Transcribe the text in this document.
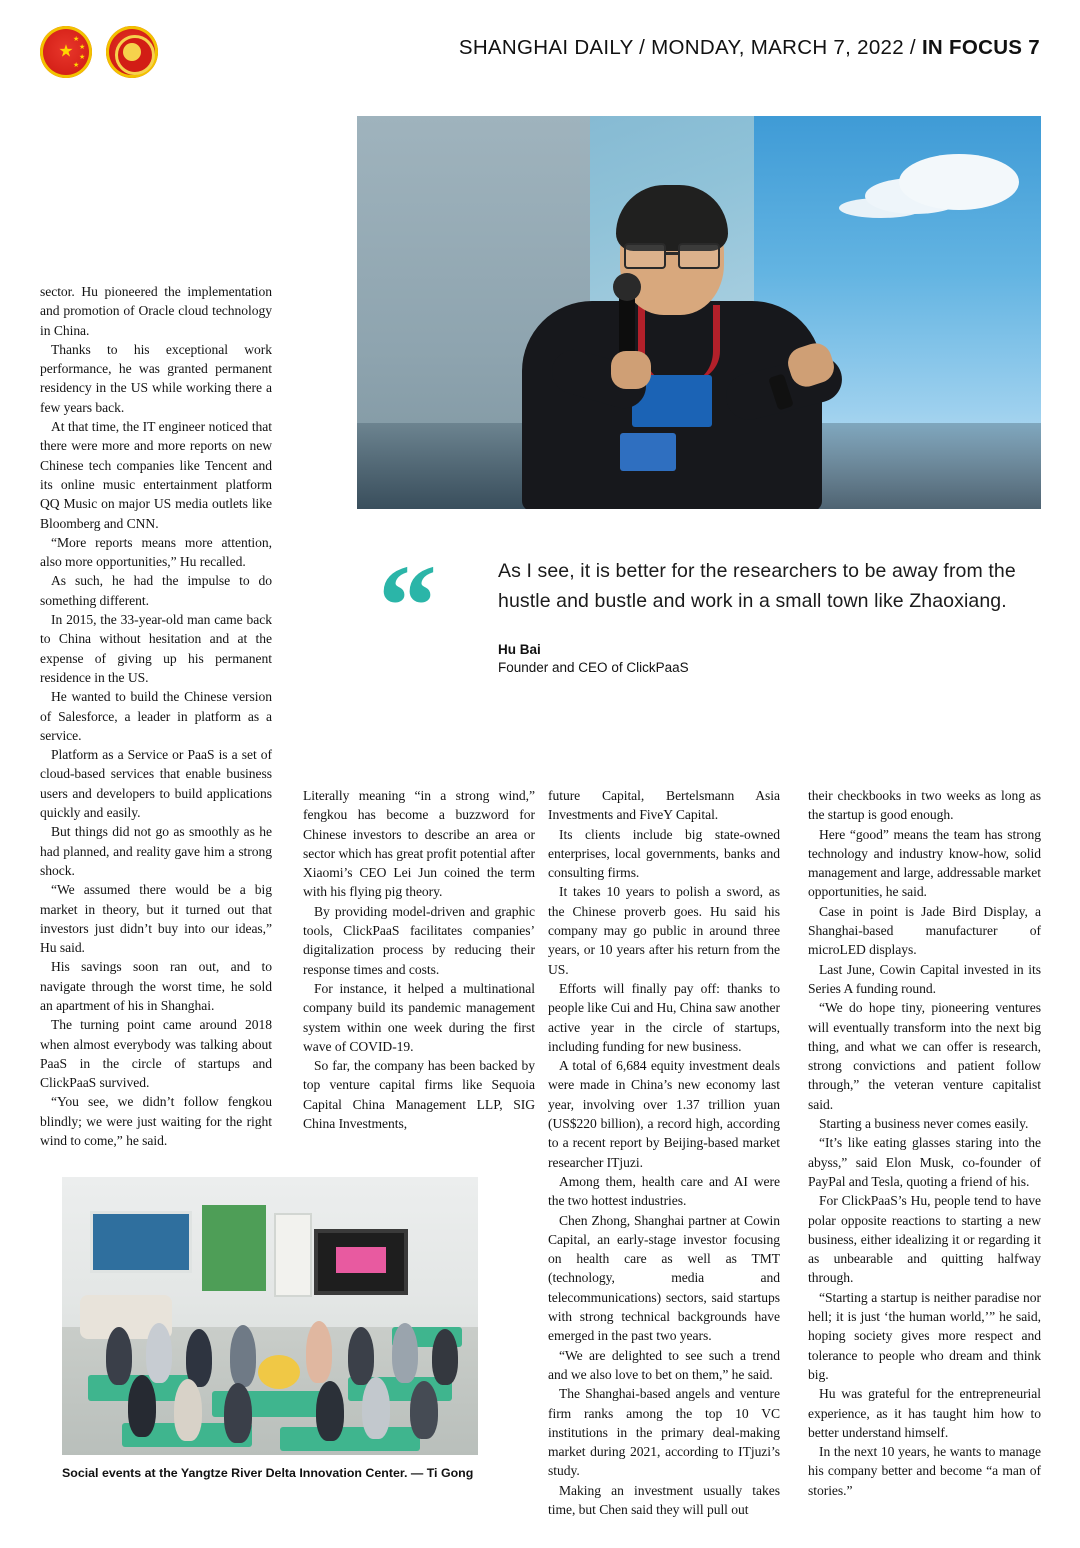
★
★
★
★
★
SHANGHAI DAILY / MONDAY, MARCH 7, 2022 / IN FOCUS 7
“	As I see, it is better for the researchers to be away from the hustle and bustle and work in a small town like Zhaoxiang.
Hu Bai
Founder and CEO of ClickPaaS

sector. Hu pioneered the implementation and promotion of Oracle cloud technology in China.

Thanks to his exceptional work performance, he was granted permanent residency in the US while working there a few years back.

At that time, the IT engineer noticed that there were more and more reports on new Chinese tech companies like Tencent and its online music entertainment platform QQ Music on major US media outlets like Bloomberg and CNN.

“More reports means more attention, also more opportunities,” Hu recalled.

As such, he had the impulse to do something different.

In 2015, the 33-year-old man came back to China without hesitation and at the expense of giving up his permanent residence in the US.

He wanted to build the Chinese version of Salesforce, a leader in platform as a service.

Platform as a Service or PaaS is a set of cloud-based services that enable business users and developers to build applications quickly and easily.

But things did not go as smoothly as he had planned, and reality gave him a strong shock.

“We assumed there would be a big market in theory, but it turned out that investors just didn’t buy into our ideas,” Hu said.

His savings soon ran out, and to navigate through the worst time, he sold an apartment of his in Shanghai.

The turning point came around 2018 when almost everybody was talking about PaaS in the circle of startups and ClickPaaS survived.

“You see, we didn’t follow fengkou blindly; we were just waiting for the right wind to come,” he said.

Literally meaning “in a strong wind,” fengkou has become a buzzword for Chinese investors to describe an area or sector which has great profit potential after Xiaomi’s CEO Lei Jun coined the term with his flying pig theory.

By providing model-driven and graphic tools, ClickPaaS facilitates companies’ digitalization process by reducing their response times and costs.

For instance, it helped a multinational company build its pandemic management system within one week during the first wave of COVID-19.

So far, the company has been backed by top venture capital firms like Sequoia Capital China Management LLP, SIG China Investments,

future Capital, Bertelsmann Asia Investments and FiveY Capital.

Its clients include big state-owned enterprises, local governments, banks and consulting firms.

It takes 10 years to polish a sword, as the Chinese proverb goes. Hu said his company may go public in around three years, or 10 years after his return from the US.

Efforts will finally pay off: thanks to people like Cui and Hu, China saw another active year in the circle of startups, including funding for new business.

A total of 6,684 equity investment deals were made in China’s new economy last year, involving over 1.37 trillion yuan (US$220 billion), a record high, according to a recent report by Beijing-based market researcher ITjuzi.

Among them, health care and AI were the two hottest industries.

Chen Zhong, Shanghai partner at Cowin Capital, an early-stage investor focusing on health care as well as TMT (technology, media and telecommunications) sectors, said startups with strong technical backgrounds have emerged in the past two years.

“We are delighted to see such a trend and we also love to bet on them,” he said.

The Shanghai-based angels and venture firm ranks among the top 10 VC institutions in the primary deal-making market during 2021, according to ITjuzi’s study.

Making an investment usually takes time, but Chen said they will pull out

their checkbooks in two weeks as long as the startup is good enough.

Here “good” means the team has strong technology and industry know-how, solid management and large, addressable market opportunities, he said.

Case in point is Jade Bird Display, a Shanghai-based manufacturer of microLED displays.

Last June, Cowin Capital invested in its Series A funding round.

“We do hope tiny, pioneering ventures will eventually transform into the next big thing, and what we can offer is research, strong convictions and patient follow through,” the veteran venture capitalist said.

Starting a business never comes easily.

“It’s like eating glasses staring into the abyss,” said Elon Musk, co-founder of PayPal and Tesla, quoting a friend of his.

For ClickPaaS’s Hu, people tend to have polar opposite reactions to starting a new business, either idealizing it or regarding it as unbearable and quitting halfway through.

“Starting a startup is neither paradise nor hell; it is just ‘the human world,’” he said, hoping society gives more respect and tolerance to people who dream and think big.

Hu was grateful for the entrepreneurial experience, as it has taught him how to better understand himself.

In the next 10 years, he wants to manage his company better and become “a man of stories.”

Social events at the Yangtze River Delta Innovation Center. — Ti Gong
